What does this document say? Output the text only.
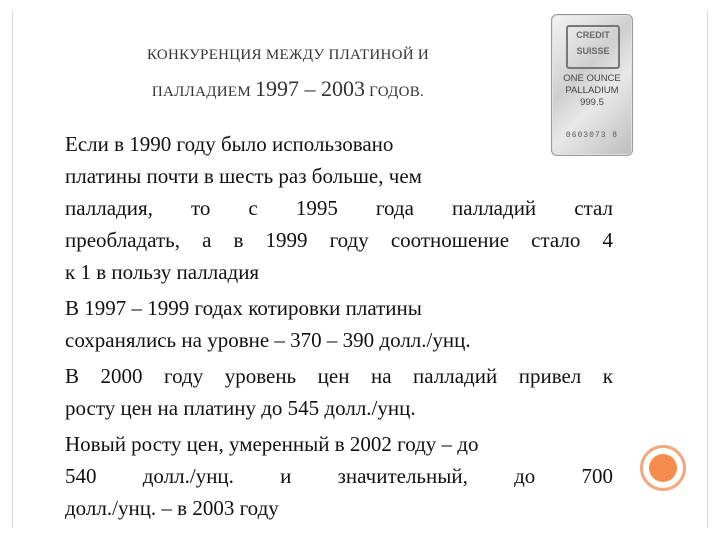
КОНКУРЕНЦИЯ МЕЖДУ ПЛАТИНОЙ И
ПАЛЛАДИЕМ 1997 – 2003 ГОДОВ.
CREDIT
SUISSE
ONE OUNCE
PALLADIUM
999.5
0603073 8
Если в 1990 году было использовано
платины почти в шесть раз больше, чем
палладия, то с 1995 года палладий стал
преобладать, а в 1999 году соотношение стало 4
к 1 в пользу палладия
В 1997 – 1999 годах котировки платины
сохранялись на уровне – 370 – 390 долл./унц.
В 2000 году уровень цен на палладий привел к
росту цен на платину до 545 долл./унц.
Новый росту цен, умеренный в 2002 году – до
540 долл./унц. и значительный, до 700
долл./унц. – в 2003 году
